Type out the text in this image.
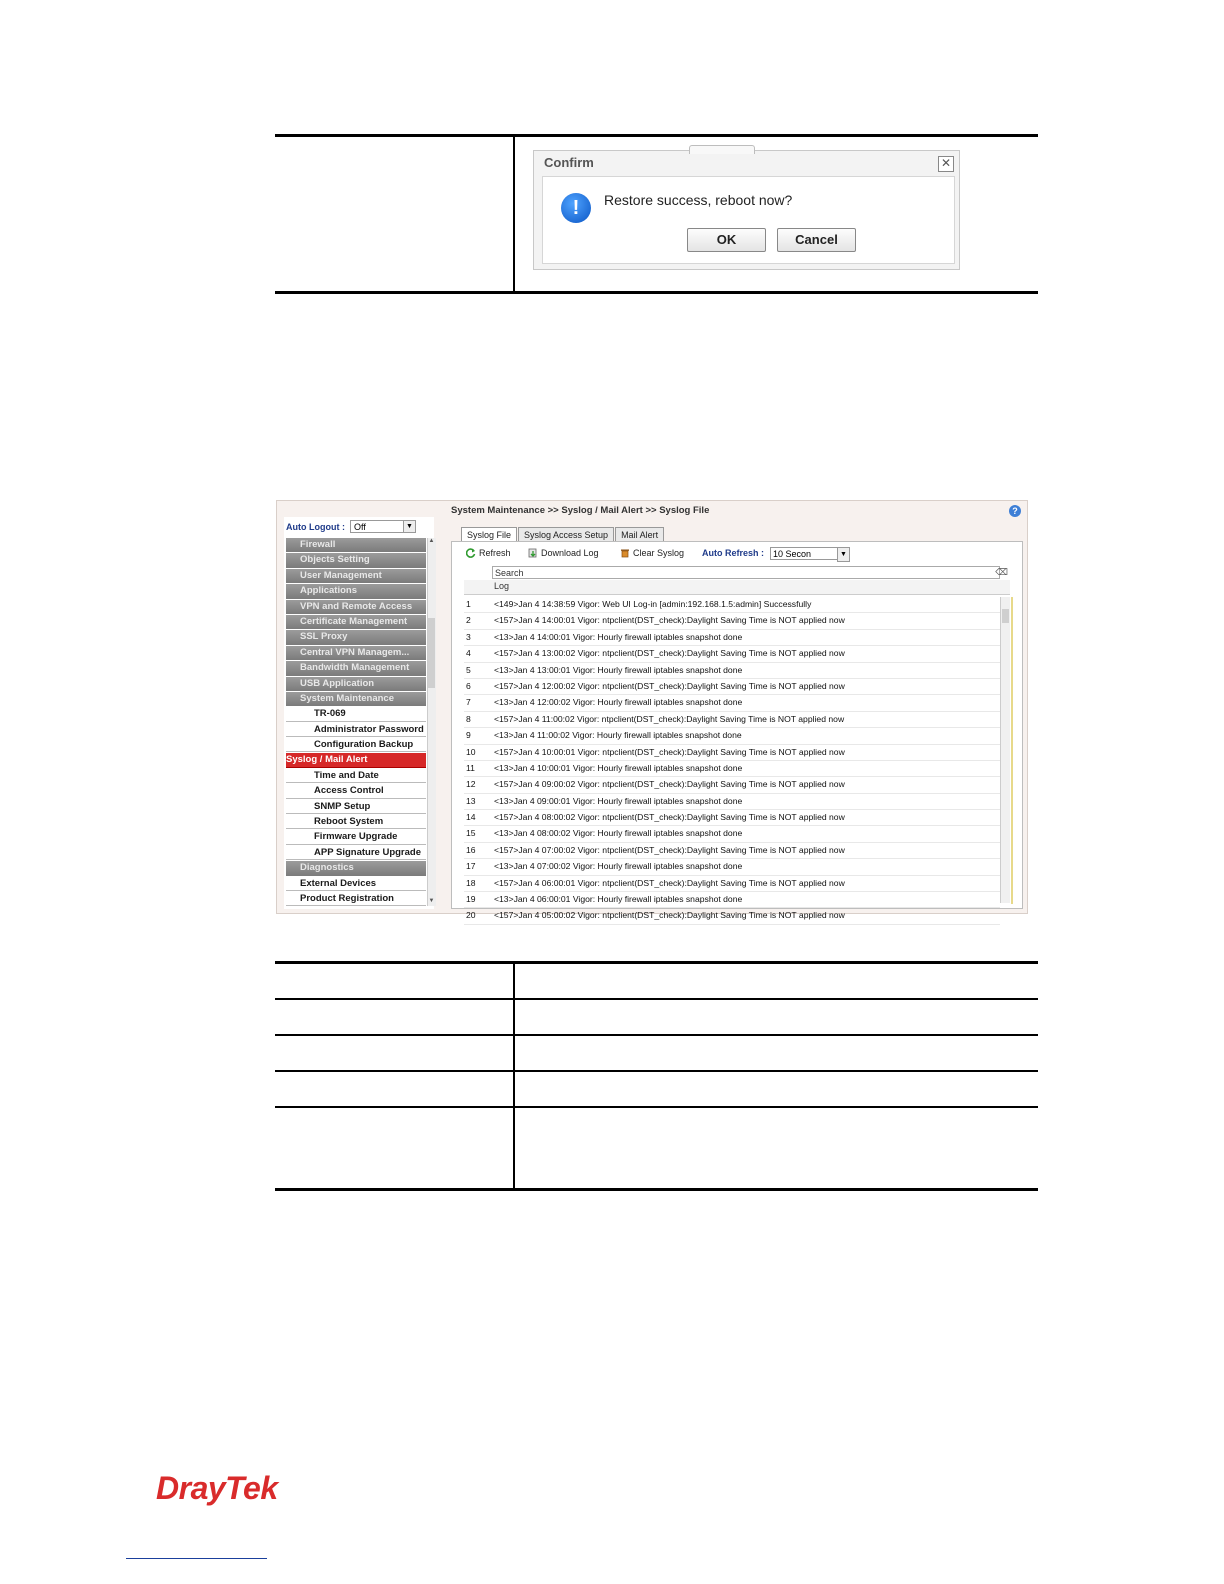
Confirm	✕
!	Restore success, reboot now?
OK	Cancel
Auto Logout :	Off	▼
Firewall
Objects Setting
User Management
Applications
VPN and Remote Access
Certificate Management
SSL Proxy
Central VPN Managem...
Bandwidth Management
USB Application
System Maintenance
TR-069
Administrator Password
Configuration Backup
Syslog / Mail Alert
Time and Date
Access Control
SNMP Setup
Reboot System
Firmware Upgrade
APP Signature Upgrade
Diagnostics
External Devices
Product Registration
▲
▼
System Maintenance >> Syslog / Mail Alert >> Syslog File	?
Syslog File Syslog Access Setup Mail Alert
Refresh	Download Log	Clear Syslog Auto Refresh : 10 Secon	▼
Search	⌫
Log
1	<149>Jan 4 14:38:59 Vigor: Web UI Log-in [admin:192.168.1.5:admin] Successfully
2	<157>Jan 4 14:00:01 Vigor: ntpclient(DST_check):Daylight Saving Time is NOT applied now
3	<13>Jan 4 14:00:01 Vigor: Hourly firewall iptables snapshot done
4	<157>Jan 4 13:00:02 Vigor: ntpclient(DST_check):Daylight Saving Time is NOT applied now
5	<13>Jan 4 13:00:01 Vigor: Hourly firewall iptables snapshot done
6	<157>Jan 4 12:00:02 Vigor: ntpclient(DST_check):Daylight Saving Time is NOT applied now
7	<13>Jan 4 12:00:02 Vigor: Hourly firewall iptables snapshot done
8	<157>Jan 4 11:00:02 Vigor: ntpclient(DST_check):Daylight Saving Time is NOT applied now
9	<13>Jan 4 11:00:02 Vigor: Hourly firewall iptables snapshot done
10	<157>Jan 4 10:00:01 Vigor: ntpclient(DST_check):Daylight Saving Time is NOT applied now
11	<13>Jan 4 10:00:01 Vigor: Hourly firewall iptables snapshot done
12	<157>Jan 4 09:00:02 Vigor: ntpclient(DST_check):Daylight Saving Time is NOT applied now
13	<13>Jan 4 09:00:01 Vigor: Hourly firewall iptables snapshot done
14	<157>Jan 4 08:00:02 Vigor: ntpclient(DST_check):Daylight Saving Time is NOT applied now
15	<13>Jan 4 08:00:02 Vigor: Hourly firewall iptables snapshot done
16	<157>Jan 4 07:00:02 Vigor: ntpclient(DST_check):Daylight Saving Time is NOT applied now
17	<13>Jan 4 07:00:02 Vigor: Hourly firewall iptables snapshot done
18	<157>Jan 4 06:00:01 Vigor: ntpclient(DST_check):Daylight Saving Time is NOT applied now
19	<13>Jan 4 06:00:01 Vigor: Hourly firewall iptables snapshot done
20	<157>Jan 4 05:00:02 Vigor: ntpclient(DST_check):Daylight Saving Time is NOT applied now
DrayTek
